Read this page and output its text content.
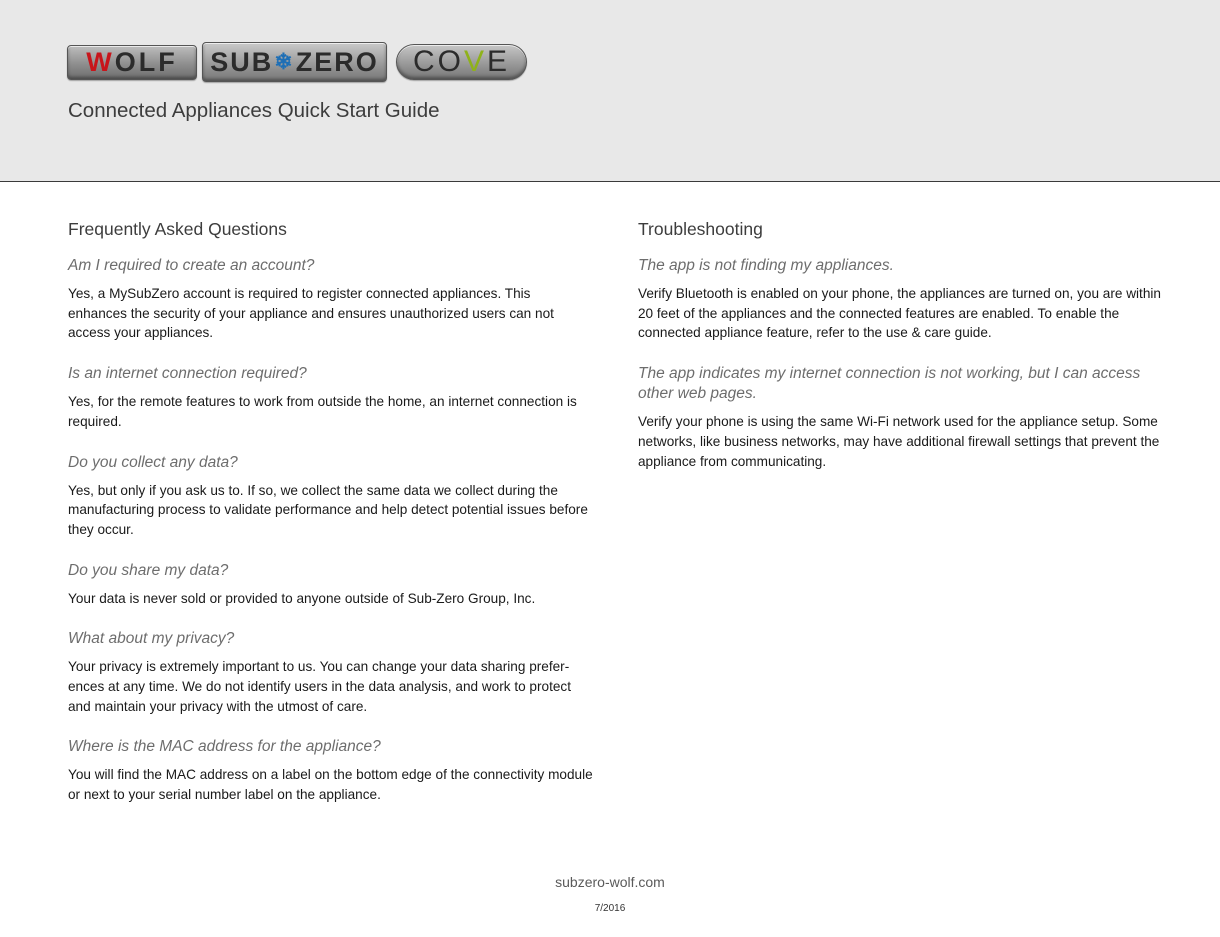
W OLF SUB ❄ ZERO CO V E
Connected Appliances Quick Start Guide
Frequently Asked Questions
Am I required to create an account?

Yes, a MySubZero account is required to register connected appliances. This enhances the security of your appliance and ensures unauthorized users can not access your appliances.

Is an internet connection required?

Yes, for the remote features to work from outside the home, an internet connection is required.

Do you collect any data?

Yes, but only if you ask us to. If so, we collect the same data we collect during the manufacturing process to validate performance and help detect potential issues before they occur.

Do you share my data?

Your data is never sold or provided to anyone outside of Sub-Zero Group, Inc.

What about my privacy?

Your privacy is extremely important to us. You can change your data sharing preferences at any time. We do not identify users in the data analysis, and work to protect and maintain your privacy with the utmost of care.

Where is the MAC address for the appliance?

You will find the MAC address on a label on the bottom edge of the connectivity module or next to your serial number label on the appliance.

Troubleshooting
The app is not finding my appliances.

Verify Bluetooth is enabled on your phone, the appliances are turned on, you are within 20 feet of the appliances and the connected features are enabled. To enable the connected appliance feature, refer to the use & care guide.

The app indicates my internet connection is not working, but I can access other web pages.

Verify your phone is using the same Wi-Fi network used for the appliance setup. Some networks, like business networks, may have additional firewall settings that prevent the appliance from communicating.

subzero-wolf.com
7/2016
